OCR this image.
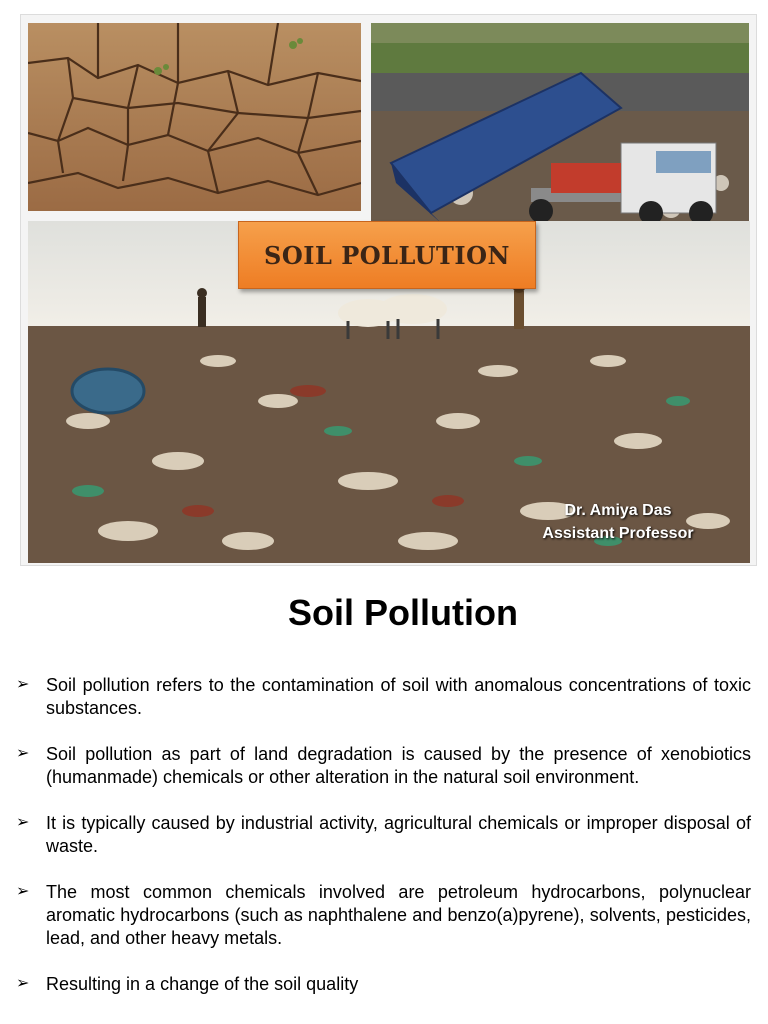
SOIL POLLUTION
Dr. Amiya Das
Assistant Professor
Soil Pollution
➢ Soil pollution refers to the contamination of soil with anomalous concentrations of toxic substances.
➢ Soil pollution as part of land degradation is caused by the presence of xenobiotics (humanmade) chemicals or other alteration in the natural soil environment.
➢ It is typically caused by industrial activity, agricultural chemicals or improper disposal of waste.
➢ The most common chemicals involved are petroleum hydrocarbons, polynuclear aromatic hydrocarbons (such as naphthalene and benzo(a)pyrene), solvents, pesticides, lead, and other heavy metals.
➢ Resulting in a change of the soil quality
